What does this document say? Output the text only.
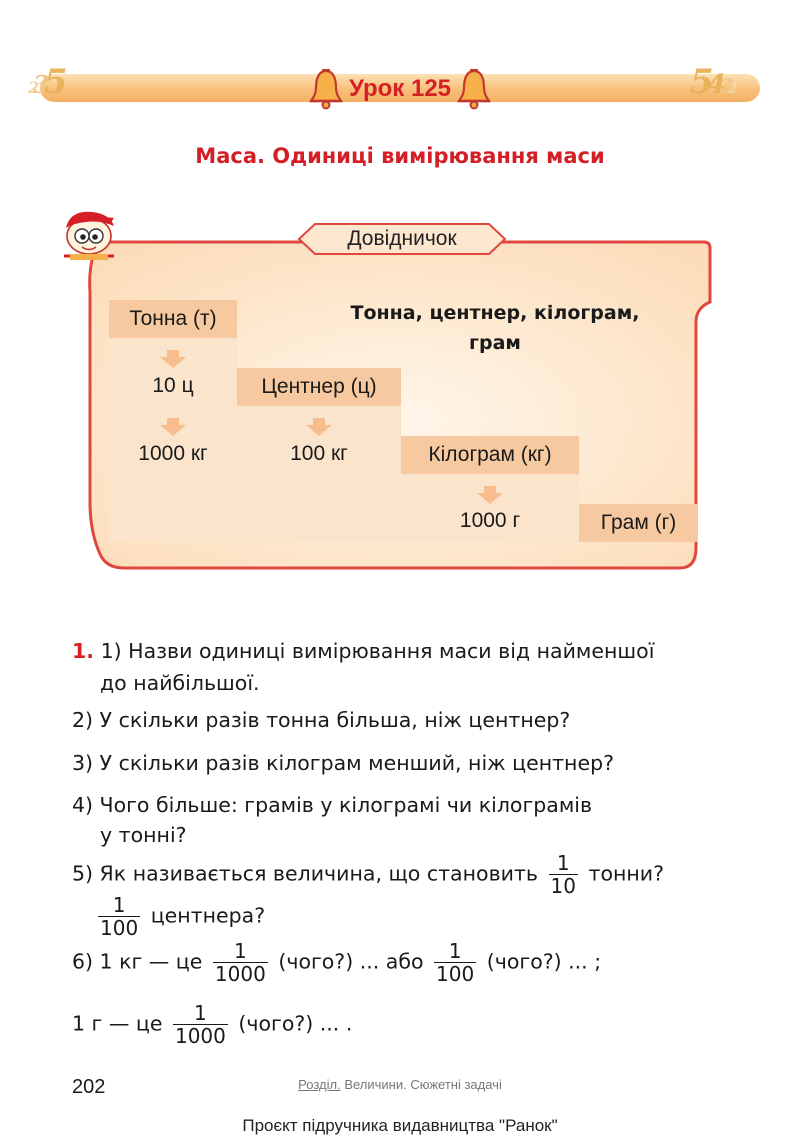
235	5432
Урок 125
Маса. Одиниці вимірювання маси
Довідничок
Тонна (т)
Центнер (ц)
Кілограм (кг)
Грам (г)
Тонна, центнер, кілограм,
грам
10 ц
1000 кг	100 кг
1000 г
1. 1) Назви одиниці вимірювання маси від найменшої
до найбільшої.
2) У скільки разів тонна більша, ніж центнер?
3) У скільки разів кілограм менший, ніж центнер?
4) Чого більше: грамів у кілограмі чи кілограмів
у тонні?
5) Як називається величина, що становить $\frac{1}{10}$ тонни?
$\frac{1}{100}$ центнера?
6) 1 кг — це $\frac{1}{1000}$ (чого?) ... або $\frac{1}{100}$ (чого?) ... ;
1 г — це $\frac{1}{1000}$ (чого?) ... .
202	Розділ. Величини. Сюжетні задачі
Проєкт підручника видавництва "Ранок"
